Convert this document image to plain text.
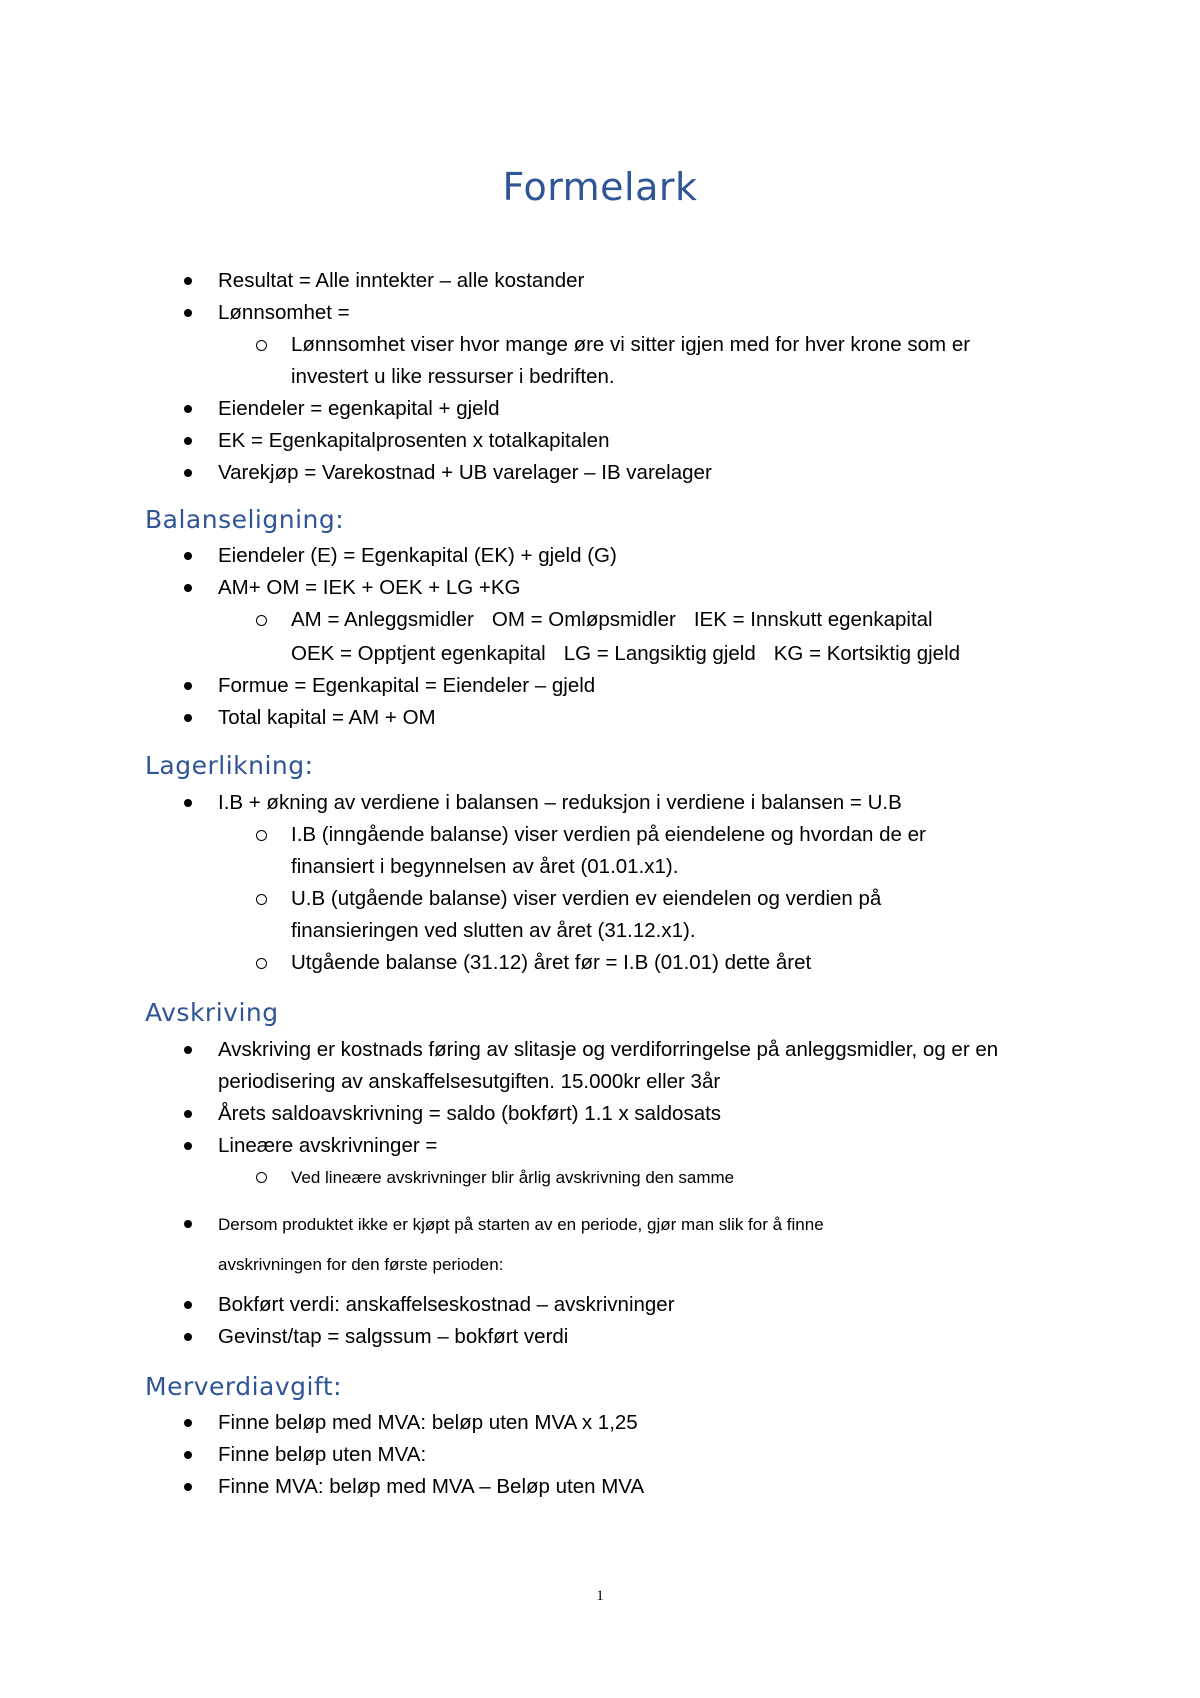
Formelark
Resultat = Alle inntekter – alle kostander
Lønnsomhet =
Lønnsomhet viser hvor mange øre vi sitter igjen med for hver krone som er
investert u like ressurser i bedriften.
Eiendeler = egenkapital + gjeld
EK = Egenkapitalprosenten x totalkapitalen
Varekjøp = Varekostnad + UB varelager – IB varelager
Balanseligning:
Eiendeler (E) = Egenkapital (EK) + gjeld (G)
AM+ OM = IEK + OEK + LG +KG
AM = Anleggsmidler OM = Omløpsmidler IEK = Innskutt egenkapital
OEK = Opptjent egenkapital LG = Langsiktig gjeld KG = Kortsiktig gjeld
Formue = Egenkapital = Eiendeler – gjeld
Total kapital = AM + OM
Lagerlikning:
I.B + økning av verdiene i balansen – reduksjon i verdiene i balansen = U.B
I.B (inngående balanse) viser verdien på eiendelene og hvordan de er
finansiert i begynnelsen av året (01.01.x1).
U.B (utgående balanse) viser verdien ev eiendelen og verdien på
finansieringen ved slutten av året (31.12.x1).
Utgående balanse (31.12) året før = I.B (01.01) dette året
Avskriving
Avskriving er kostnads føring av slitasje og verdiforringelse på anleggsmidler, og er en
periodisering av anskaffelsesutgiften. 15.000kr eller 3år
Årets saldoavskrivning = saldo (bokført) 1.1 x saldosats
Lineære avskrivninger =
Ved lineære avskrivninger blir årlig avskrivning den samme
Dersom produktet ikke er kjøpt på starten av en periode, gjør man slik for å finne
avskrivningen for den første perioden:
Bokført verdi: anskaffelseskostnad – avskrivninger
Gevinst/tap = salgssum – bokført verdi
Merverdiavgift:
Finne beløp med MVA: beløp uten MVA x 1,25
Finne beløp uten MVA:
Finne MVA: beløp med MVA – Beløp uten MVA
1
